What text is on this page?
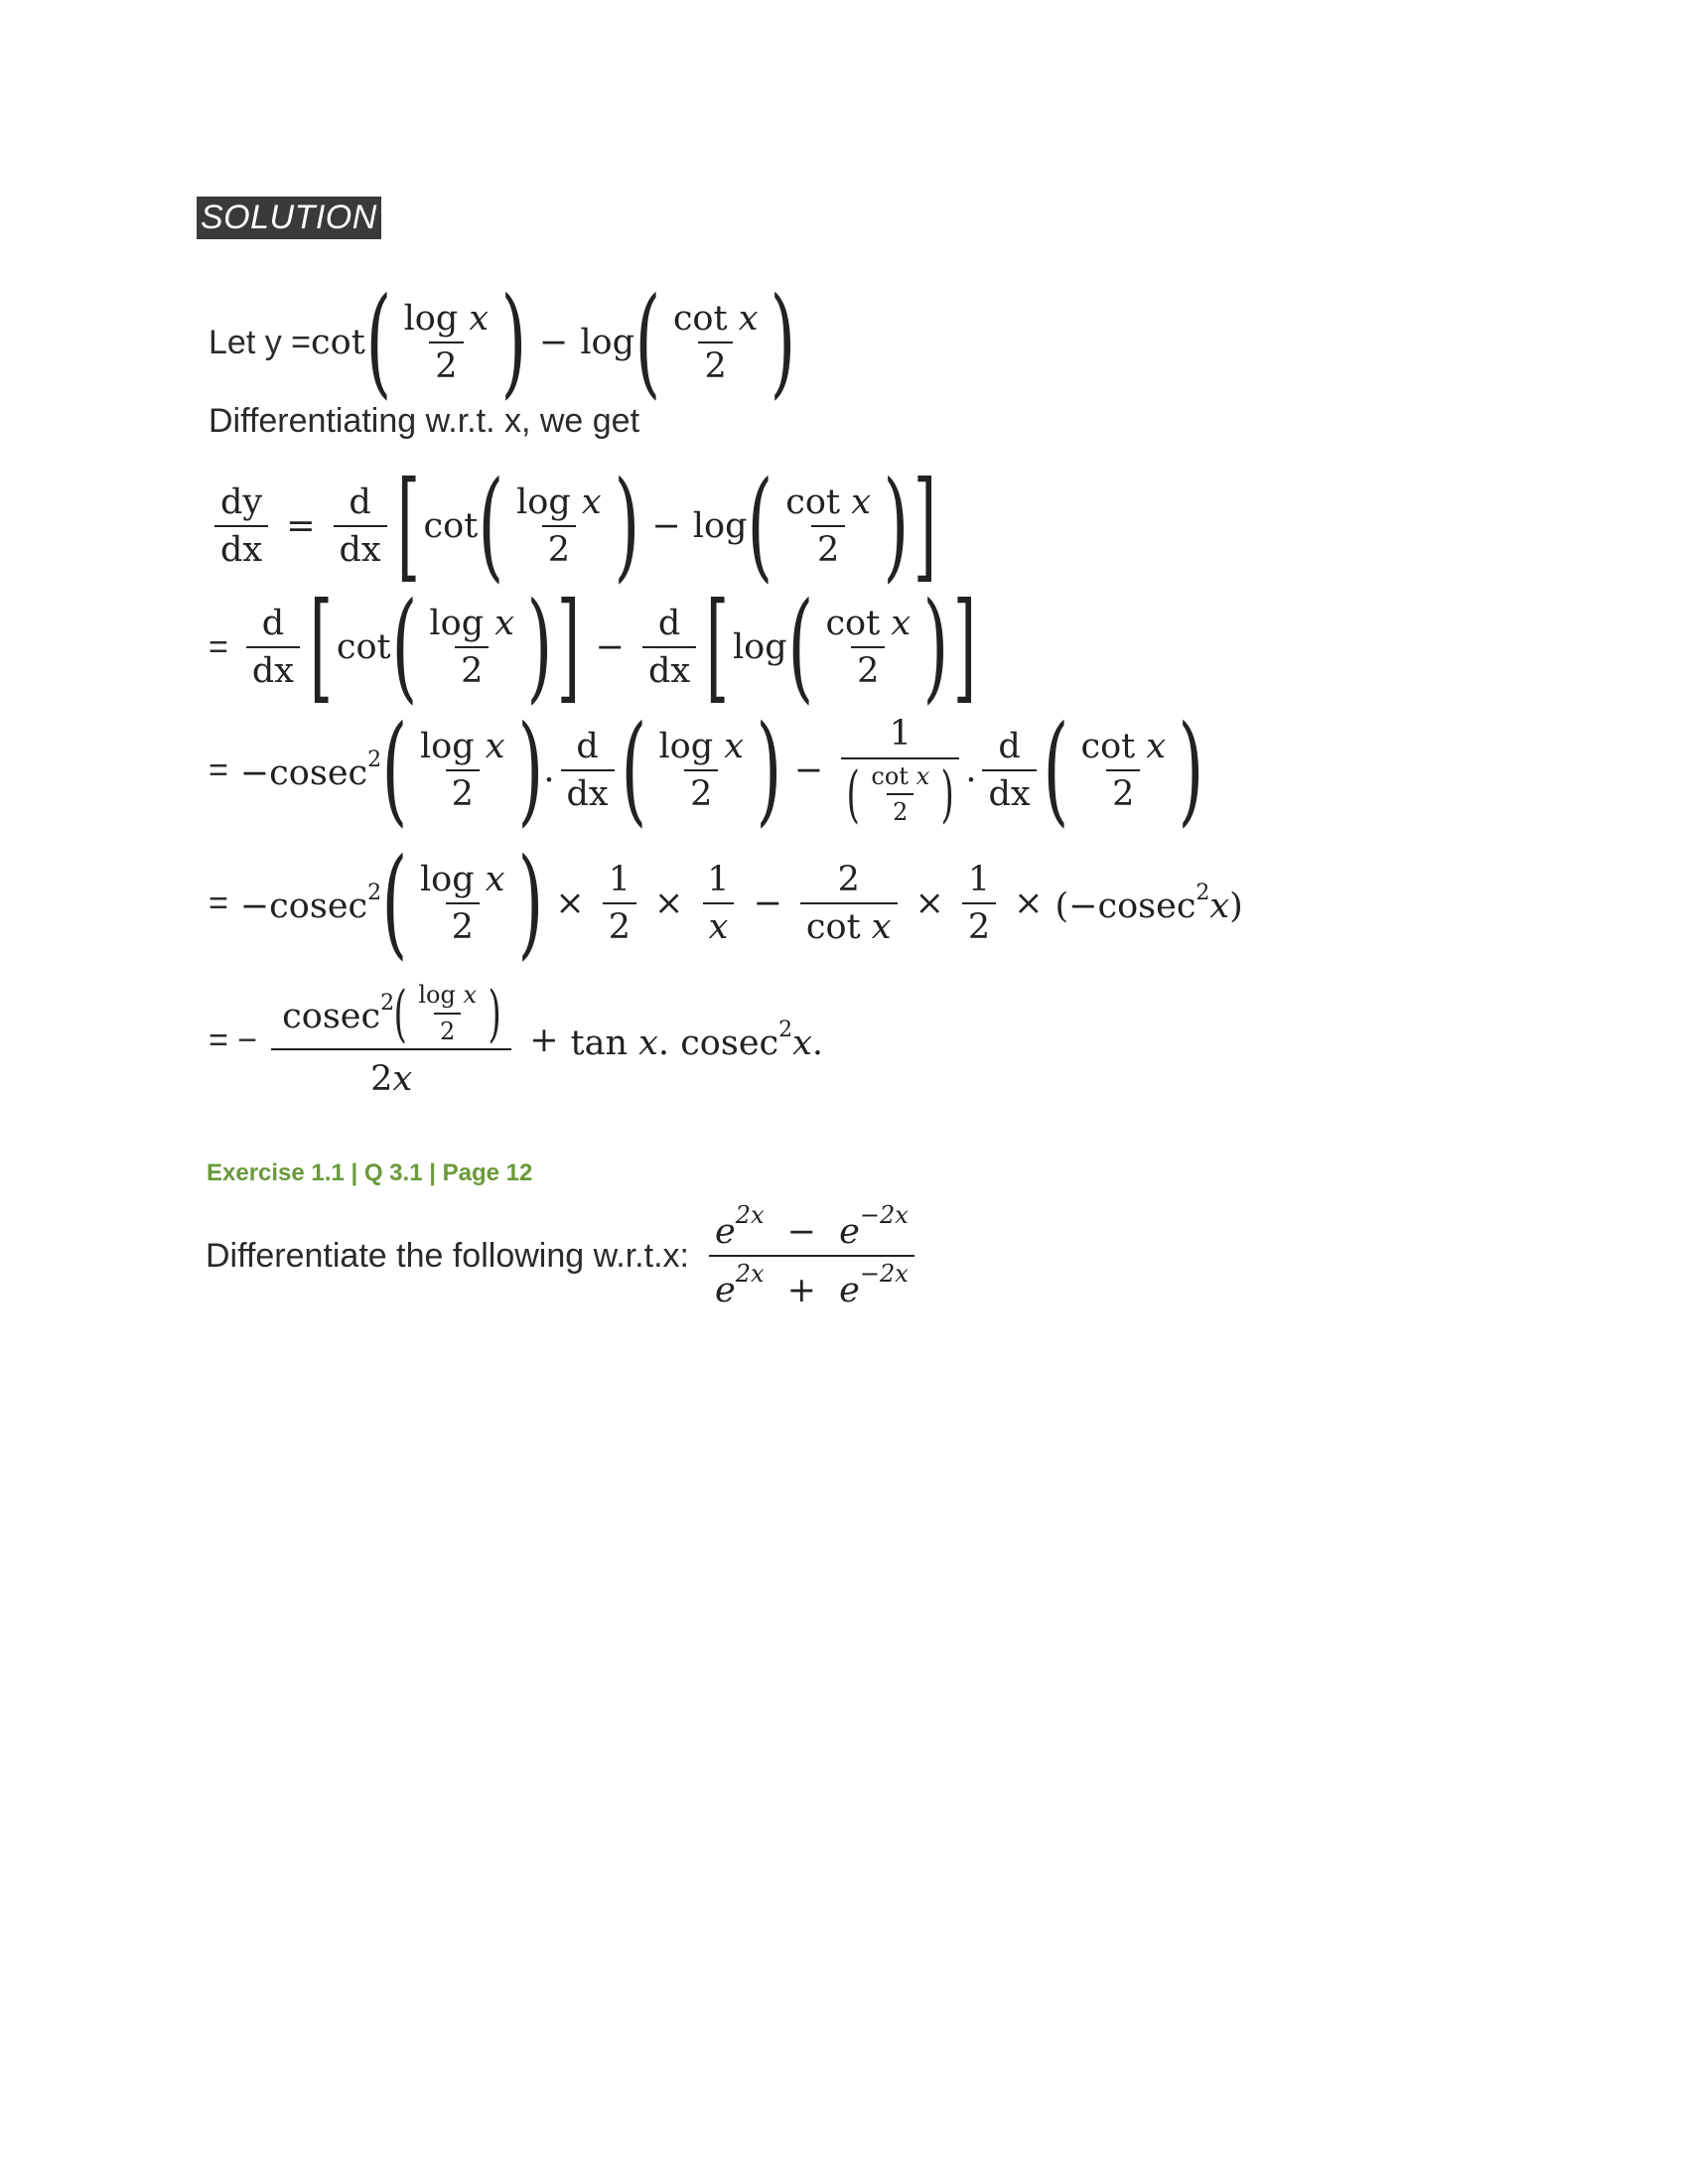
SOLUTION
Let y = cot ( $\frac{\text{log x}}{2}$ ) − log ( $\frac{\text{cot x}}{2}$ )
Differentiating w.r.t. x, we get
$\frac{dy}{dx} = \frac{d}{dx}$ [ cot ( $\frac{\text{log x}}{2}$ ) − log ( $\frac{\text{cot x}}{2}$ ) ]
= $\frac{d}{dx}$ [ cot ( $\frac{\text{log x}}{2}$ ) ] − $\frac{d}{dx}$ [ log ( $\frac{\text{cot x}}{2}$ ) ]
= −cosec$^2$ ( $\frac{\text{log x}}{2}$ ) . $\frac{d}{dx}$ ( $\frac{\text{log x}}{2}$ ) − $\frac{1}{( \frac{\text{cot x}}{2} )}$ . $\frac{d}{dx}$ ( $\frac{\text{cot x}}{2}$ )
= −cosec$^2$ ( $\frac{\text{log x}}{2}$ ) × $\frac{1}{2} \times \frac{1}{x} - \frac{2}{\text{cot x}} \times \frac{1}{2} \times (-cosec^2x)$
= − $\frac{cosec^2 ( \frac{\text{log x}}{2} )}{2x} + \tan x$. cosec$^2$x.
Exercise 1.1 | Q 3.1 | Page 12
Differentiate the following w.r.t.x: $\frac{e^{2x} - e^{-2x}}{e^{2x} + e^{-2x}}$
